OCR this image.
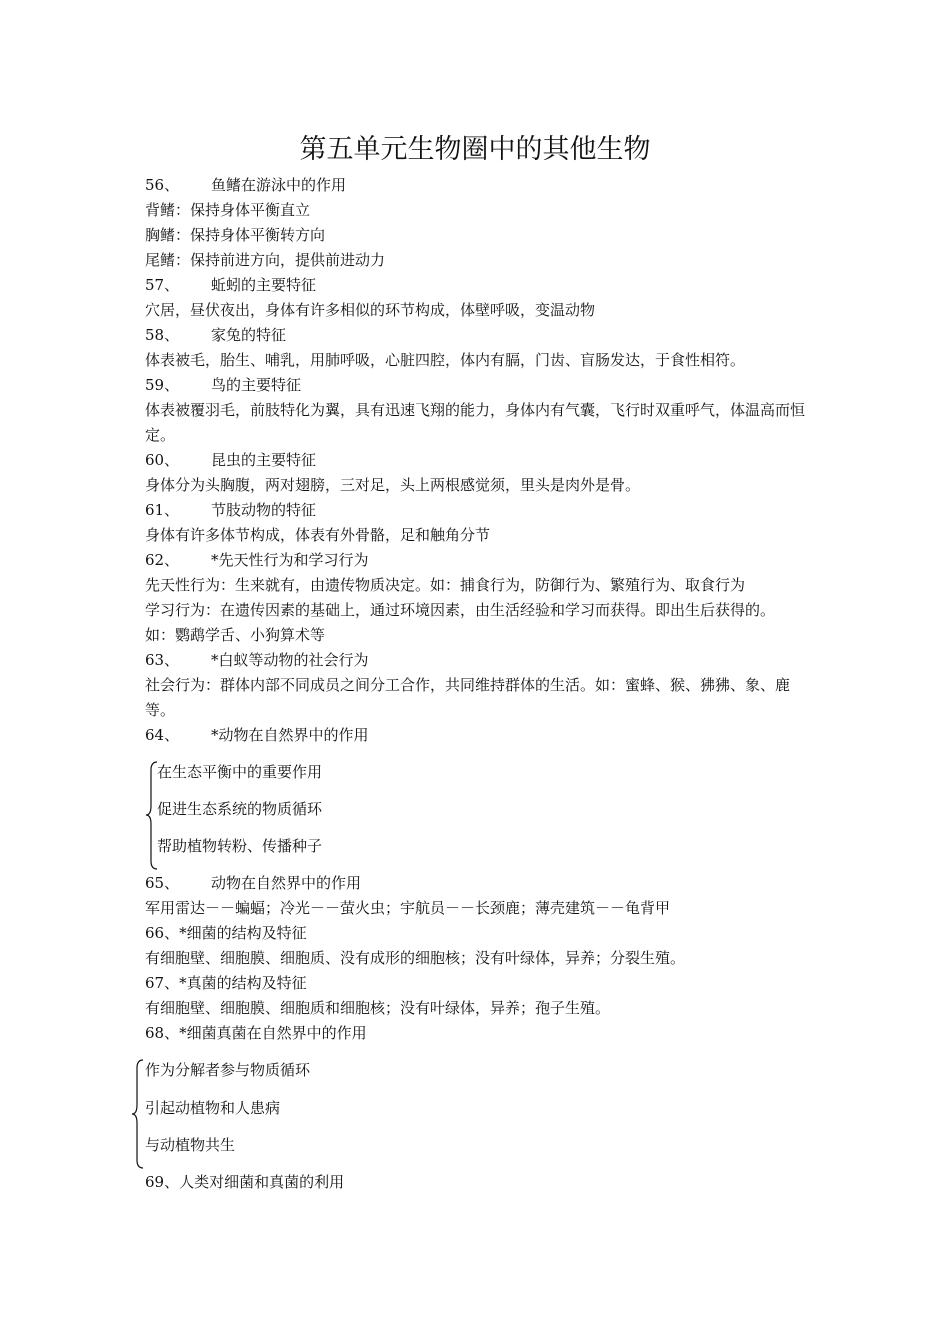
第五单元生物圈中的其他生物
56、 鱼鳍在游泳中的作用
背鳍：保持身体平衡直立
胸鳍：保持身体平衡转方向
尾鳍：保持前进方向，提供前进动力
57、 蚯蚓的主要特征
穴居，昼伏夜出，身体有许多相似的环节构成，体壁呼吸，变温动物
58、 家兔的特征
体表被毛，胎生、哺乳，用肺呼吸，心脏四腔，体内有膈，门齿、盲肠发达，于食性相符。
59、 鸟的主要特征
体表被覆羽毛，前肢特化为翼，具有迅速飞翔的能力，身体内有气囊，飞行时双重呼气，体温高而恒定。
60、 昆虫的主要特征
身体分为头胸腹，两对翅膀，三对足，头上两根感觉须，里头是肉外是骨。
61、 节肢动物的特征
身体有许多体节构成，体表有外骨骼，足和触角分节
62、 *先天性行为和学习行为
先天性行为：生来就有，由遗传物质决定。如：捕食行为，防御行为、繁殖行为、取食行为
学习行为：在遗传因素的基础上，通过环境因素，由生活经验和学习而获得。即出生后获得的。
如：鹦鹉学舌、小狗算术等
63、 *白蚁等动物的社会行为
社会行为：群体内部不同成员之间分工合作，共同维持群体的生活。如：蜜蜂、猴、狒狒、象、鹿等。
64、 *动物在自然界中的作用
在生态平衡中的重要作用
促进生态系统的物质循环
帮助植物转粉、传播种子
65、 动物在自然界中的作用
军用雷达－－蝙蝠；冷光－－萤火虫；宇航员－－长颈鹿；薄壳建筑－－龟背甲
66、*细菌的结构及特征
有细胞壁、细胞膜、细胞质、没有成形的细胞核；没有叶绿体，异养；分裂生殖。
67、*真菌的结构及特征
有细胞壁、细胞膜、细胞质和细胞核；没有叶绿体，异养；孢子生殖。
68、*细菌真菌在自然界中的作用
作为分解者参与物质循环
引起动植物和人患病
与动植物共生
69、人类对细菌和真菌的利用
